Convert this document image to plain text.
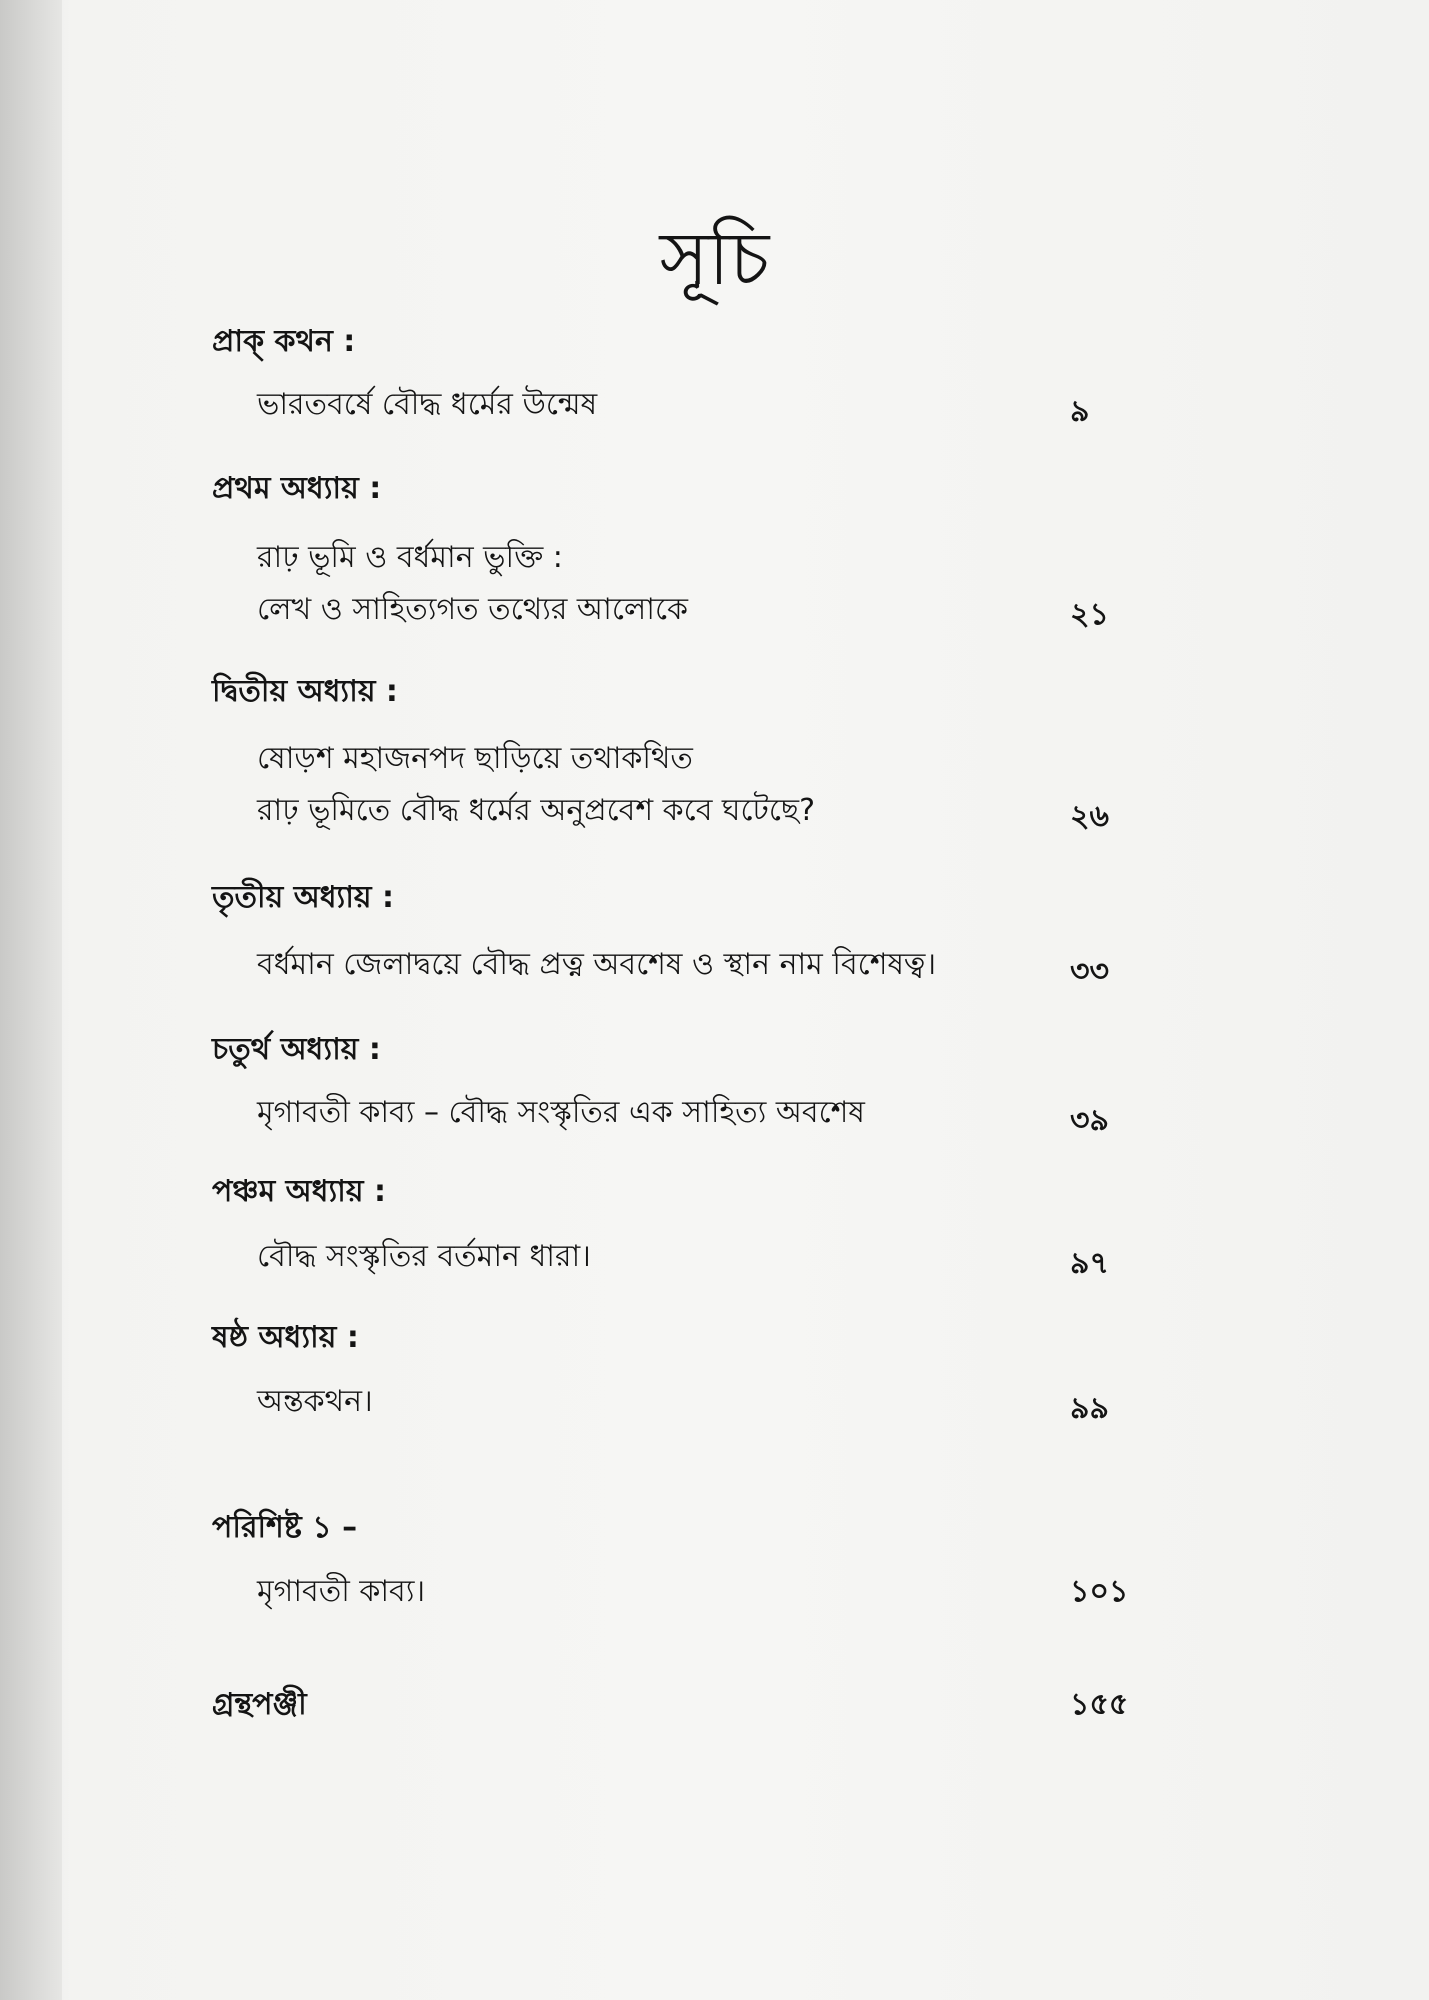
সূচি
প্রাক্‌ কথন :
ভারতবর্ষে বৌদ্ধ ধর্মের উন্মেষ	৯
প্রথম অধ্যায় :
রাঢ় ভূমি ও বর্ধমান ভুক্তি :
লেখ ও সাহিত্যগত তথ্যের আলোকে	২১
দ্বিতীয় অধ্যায় :
ষোড়শ মহাজনপদ ছাড়িয়ে তথাকথিত
রাঢ় ভূমিতে বৌদ্ধ ধর্মের অনুপ্রবেশ কবে ঘটেছে?	২৬
তৃতীয় অধ্যায় :
বর্ধমান জেলাদ্বয়ে বৌদ্ধ প্রত্ন অবশেষ ও স্থান নাম বিশেষত্ব।	৩৩
চতুর্থ অধ্যায় :
মৃগাবতী কাব্য – বৌদ্ধ সংস্কৃতির এক সাহিত্য অবশেষ	৩৯
পঞ্চম অধ্যায় :
বৌদ্ধ সংস্কৃতির বর্তমান ধারা।	৯৭
ষষ্ঠ অধ্যায় :
অন্তকথন।	৯৯
পরিশিষ্ট ১ –
মৃগাবতী কাব্য।	১০১
গ্রন্থপঞ্জী	১৫৫
